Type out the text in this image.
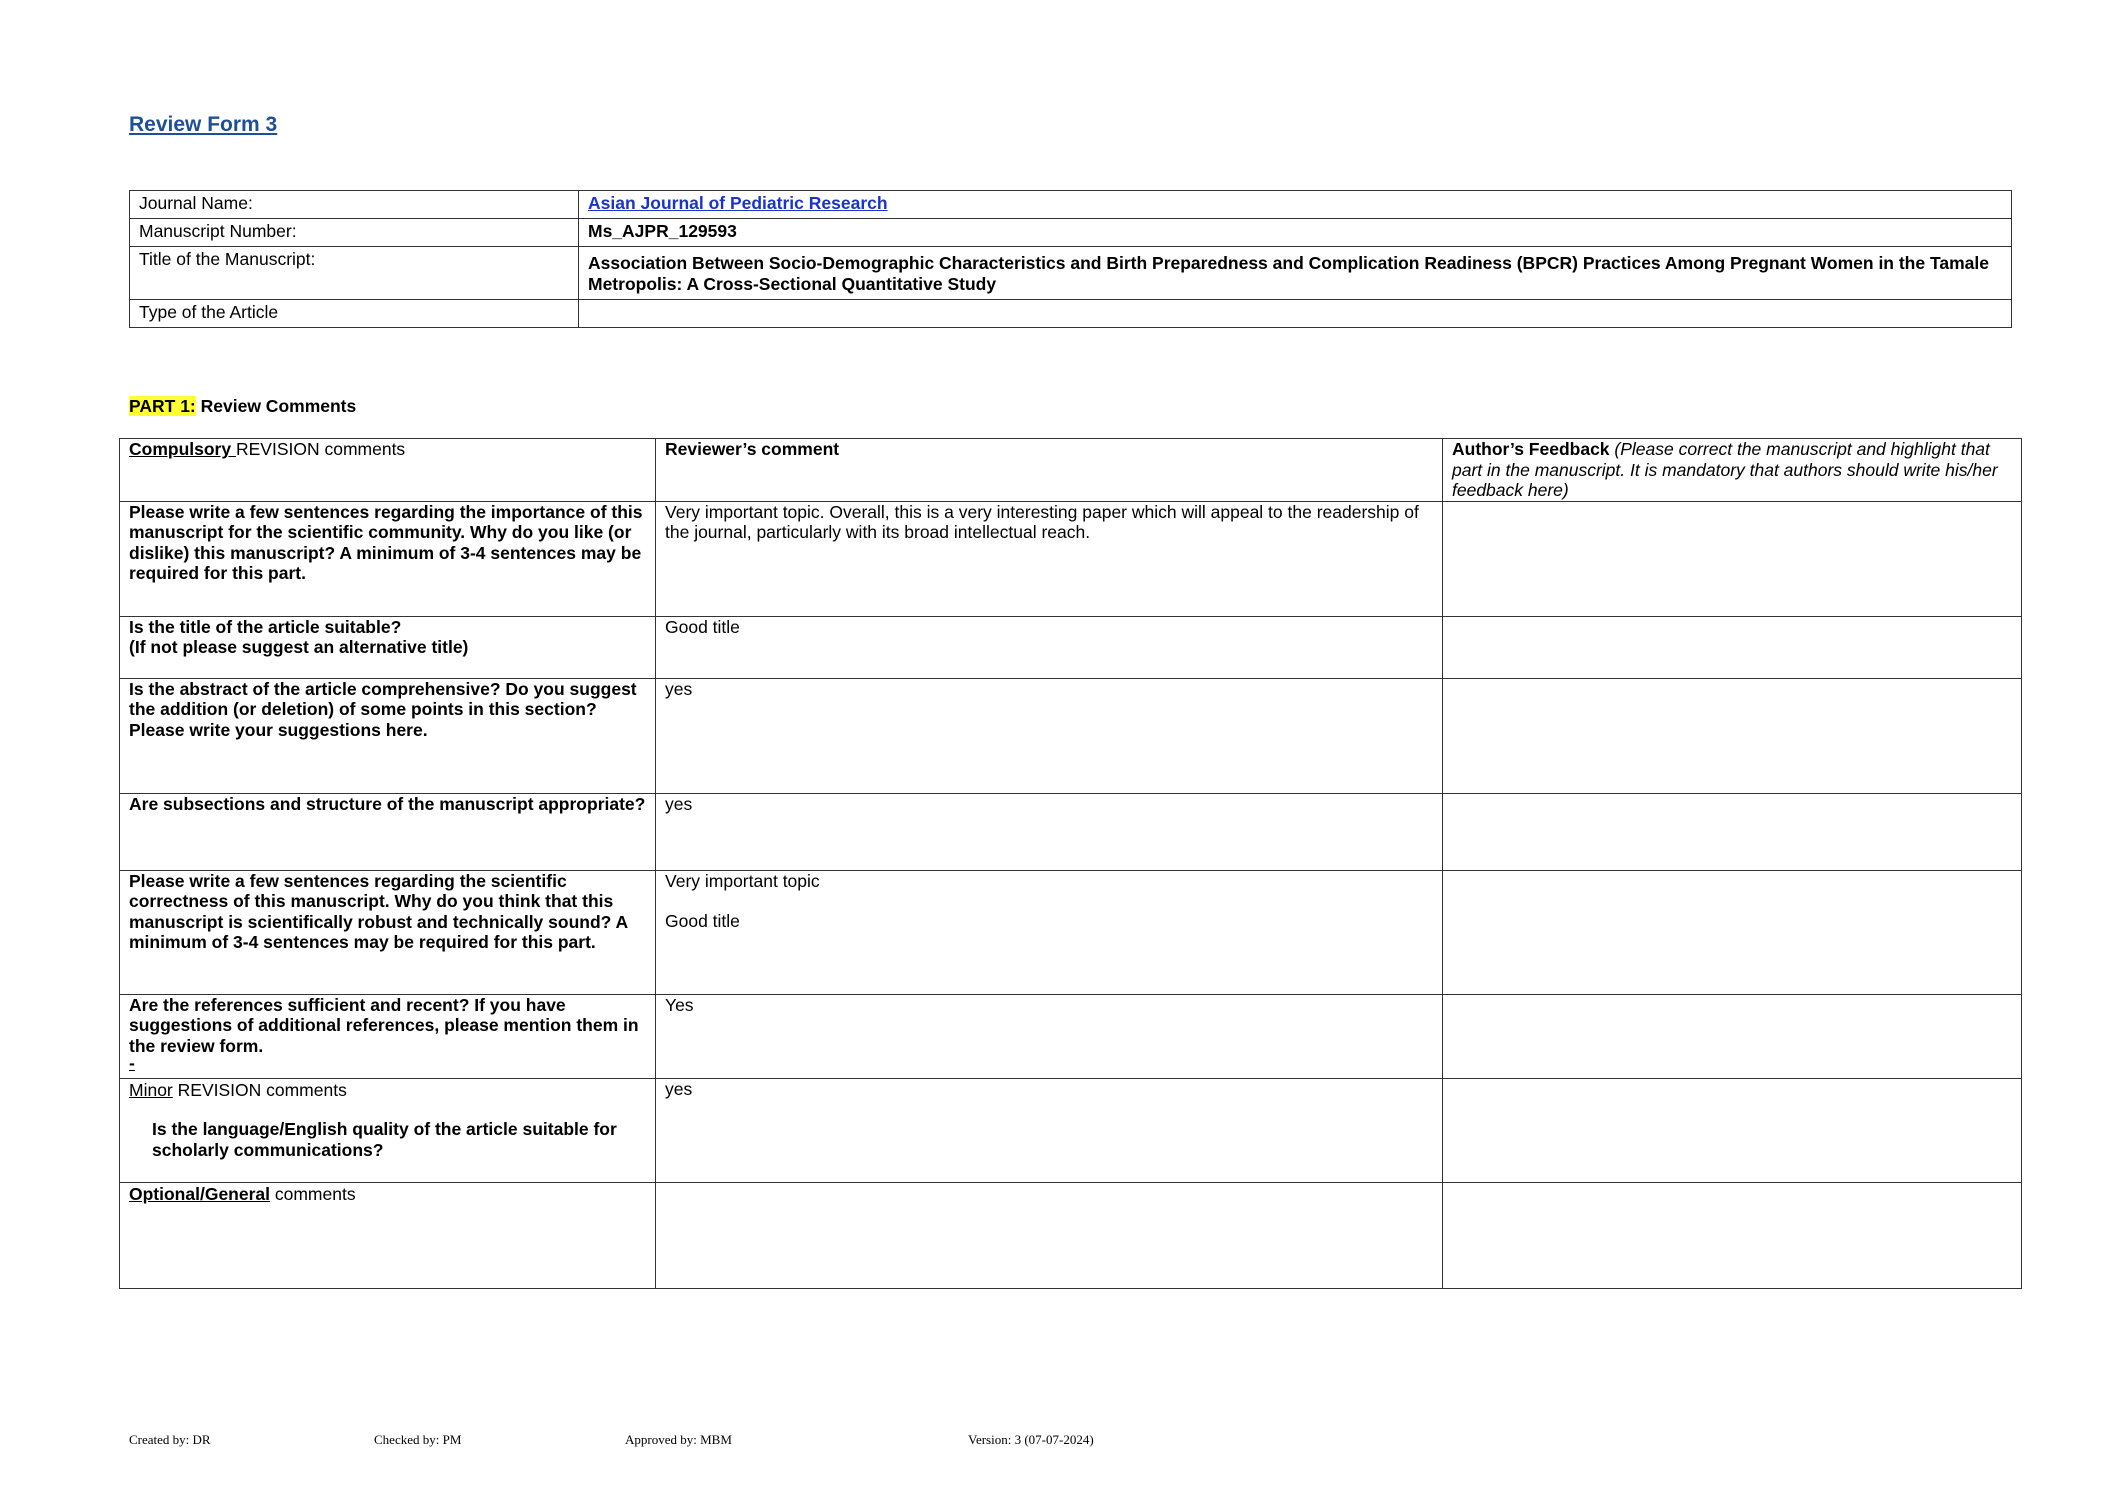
Review Form 3
Journal Name:	Asian Journal of Pediatric Research
Manuscript Number:	Ms_AJPR_129593
Title of the Manuscript:	Association Between Socio-Demographic Characteristics and Birth Preparedness and Complication Readiness (BPCR) Practices Among Pregnant Women in the Tamale Metropolis: A Cross-Sectional Quantitative Study
Type of the Article	

PART 1: Review Comments

Compulsory REVISION comments	Reviewer’s comment	Author’s Feedback (Please correct the manuscript and highlight that part in the manuscript. It is mandatory that authors should write his/her feedback here)
Please write a few sentences regarding the importance of this manuscript for the scientific community. Why do you like (or dislike) this manuscript? A minimum of 3-4 sentences may be required for this part.	Very important topic. Overall, this is a very interesting paper which will appeal to the readership of the journal, particularly with its broad intellectual reach.	

Is the title of the article suitable?
(If not please suggest an alternative title)	Good title	
Is the abstract of the article comprehensive? Do you suggest the addition (or deletion) of some points in this section? Please write your suggestions here.	yes	
Are subsections and structure of the manuscript appropriate?	yes	
Please write a few sentences regarding the scientific correctness of this manuscript. Why do you think that this manuscript is scientifically robust and technically sound? A minimum of 3-4 sentences may be required for this part.	Very important topic
Good title	

Are the references sufficient and recent? If you have suggestions of additional references, please mention them in the review form.
-	Yes	

Minor REVISION comments
Is the language/English quality of the article suitable for scholarly communications?	yes	
Optional/General comments		
Created by: DR	Checked by: PM	Approved by: MBM	Version: 3 (07-07-2024)
